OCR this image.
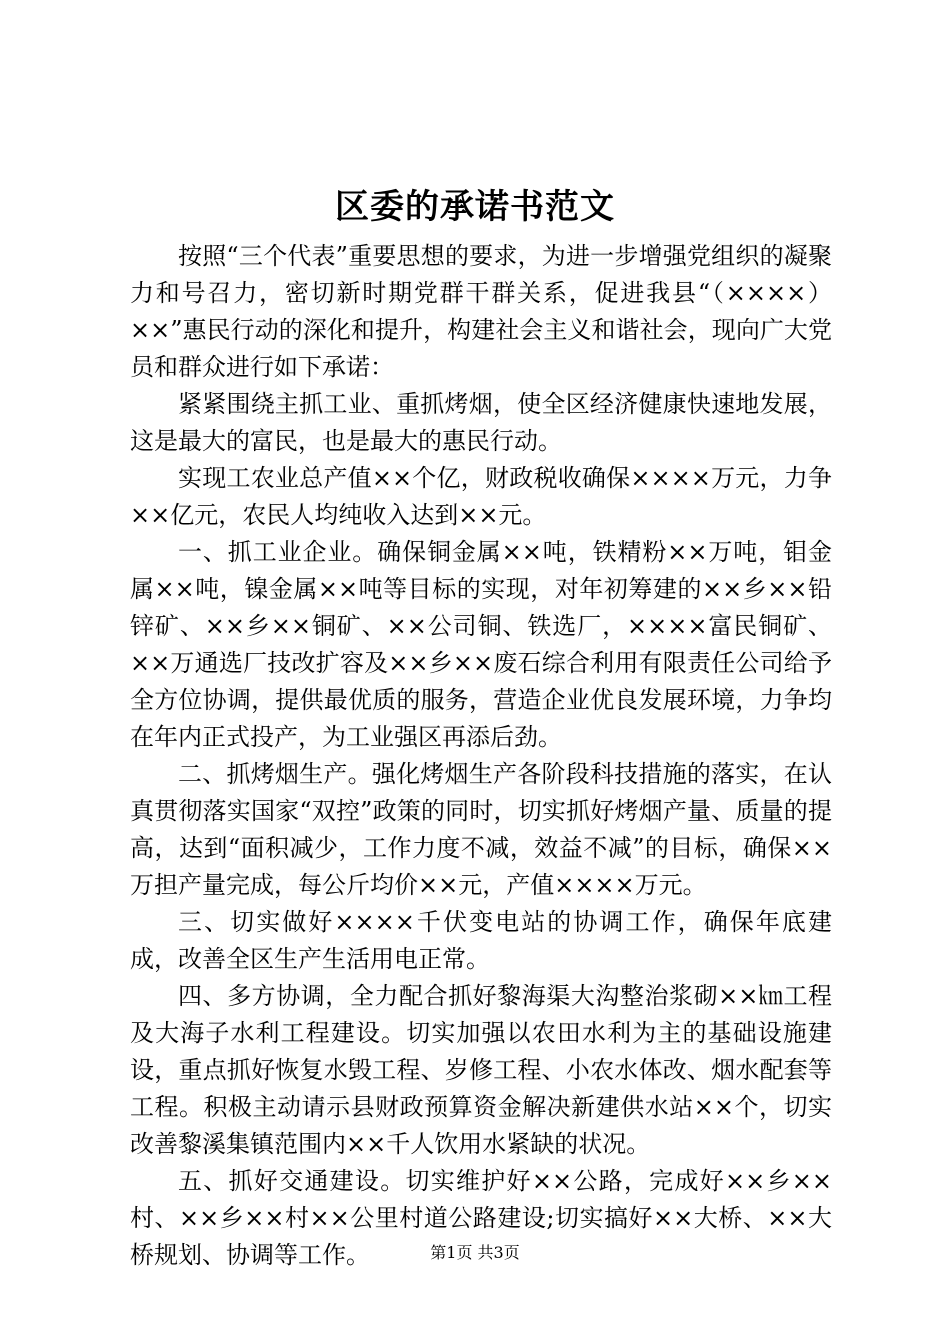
区委的承诺书范文

按照“三个代表”重要思想的要求，为进一步增强党组织的凝聚力和号召力，密切新时期党群干群关系，促进我县“（××××）××”惠民行动的深化和提升，构建社会主义和谐社会，现向广大党员和群众进行如下承诺：

紧紧围绕主抓工业、重抓烤烟，使全区经济健康快速地发展，这是最大的富民，也是最大的惠民行动。

实现工农业总产值××个亿，财政税收确保××××万元，力争××亿元，农民人均纯收入达到××元。

一、抓工业企业。确保铜金属××吨，铁精粉××万吨，钼金属××吨，镍金属××吨等目标的实现，对年初筹建的××乡××铅锌矿、××乡××铜矿、××公司铜、铁选厂，××××富民铜矿、××万通选厂技改扩容及××乡××废石综合利用有限责任公司给予全方位协调，提供最优质的服务，营造企业优良发展环境，力争均在年内正式投产，为工业强区再添后劲。

二、抓烤烟生产。强化烤烟生产各阶段科技措施的落实，在认真贯彻落实国家“双控”政策的同时，切实抓好烤烟产量、质量的提高，达到“面积减少，工作力度不减，效益不减”的目标，确保××万担产量完成，每公斤均价××元，产值××××万元。

三、切实做好××××千伏变电站的协调工作，确保年底建成，改善全区生产生活用电正常。

四、多方协调，全力配合抓好黎海渠大沟整治浆砌××㎞工程及大海子水利工程建设。切实加强以农田水利为主的基础设施建设，重点抓好恢复水毁工程、岁修工程、小农水体改、烟水配套等工程。积极主动请示县财政预算资金解决新建供水站××个，切实改善黎溪集镇范围内××千人饮用水紧缺的状况。

五、抓好交通建设。切实维护好××公路，完成好××乡××村、××乡××村××公里村道公路建设;切实搞好××大桥、××大桥规划、协调等工作。	第1页 共3页
